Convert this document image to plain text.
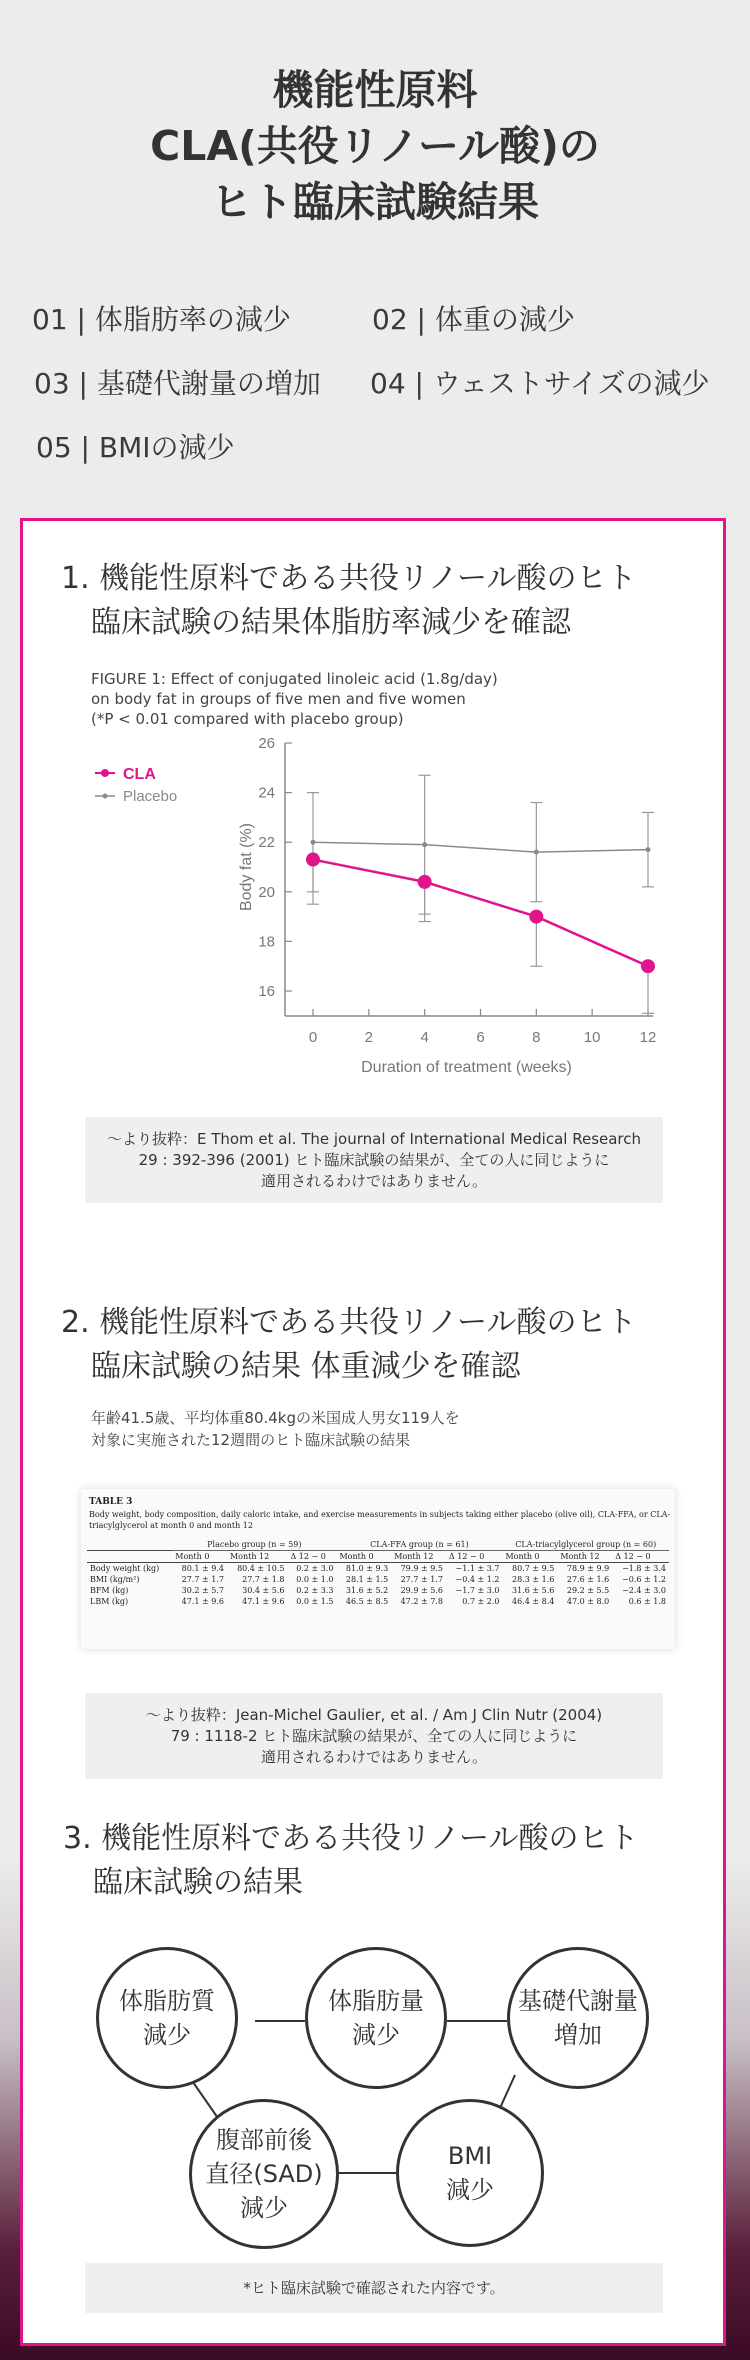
機能性原料
CLA(共役リノール酸)の
ヒト臨床試験結果
01 | 体脂肪率の減少	02 | 体重の減少
03 | 基礎代謝量の増加 04 | ウェストサイズの減少
05 | BMIの減少
1. 機能性原料である共役リノール酸のヒト
臨床試験の結果体脂肪率減少を確認
FIGURE 1: Effect of conjugated linoleic acid (1.8g/day)
on body fat in groups of five men and five women
(*P < 0.01 compared with placebo group)
CLA
Placebo
16
18
20
22
24
26
0	2	4	6	8	10	12
Duration of treatment (weeks)
Body fat (%)
～より抜粋：E Thom et al. The journal of International Medical Research
29 : 392-396 (2001) ヒト臨床試験の結果が、全ての人に同じように
適用されるわけではありません。
2. 機能性原料である共役リノール酸のヒト
臨床試験の結果 体重減少を確認
年齢41.5歳、平均体重80.4kgの米国成人男女119人を
対象に実施された12週間のヒト臨床試験の結果
TABLE 3
Body weight, body composition, daily caloric intake, and exercise measurements in subjects taking either placebo (olive oil), CLA-FFA, or CLA-
triacylglycerol at month 0 and month 12
	Placebo group (n = 59)			CLA-FFA group (n = 61)			CLA-triacylglycerol group (n = 60)		
	Month 0	Month 12	Δ 12 − 0	Month 0	Month 12	Δ 12 − 0	Month 0	Month 12	Δ 12 − 0
Body weight (kg)	80.1 ± 9.4	80.4 ± 10.5	0.2 ± 3.0	81.0 ± 9.3	79.9 ± 9.5	−1.1 ± 3.7	80.7 ± 9.5	78.9 ± 9.9	−1.8 ± 3.4
BMI (kg/m²)	27.7 ± 1.7	27.7 ± 1.8	0.0 ± 1.0	28.1 ± 1.5	27.7 ± 1.7	−0.4 ± 1.2	28.3 ± 1.6	27.6 ± 1.6	−0.6 ± 1.2
BFM (kg)	30.2 ± 5.7	30.4 ± 5.6	0.2 ± 3.3	31.6 ± 5.2	29.9 ± 5.6	−1.7 ± 3.0	31.6 ± 5.6	29.2 ± 5.5	−2.4 ± 3.0
LBM (kg)	47.1 ± 9.6	47.1 ± 9.6	0.0 ± 1.5	46.5 ± 8.5	47.2 ± 7.8	0.7 ± 2.0	46.4 ± 8.4	47.0 ± 8.0	0.6 ± 1.8
～より抜粋：Jean-Michel Gaulier, et al. / Am J Clin Nutr (2004)
79 : 1118-2 ヒト臨床試験の結果が、全ての人に同じように
適用されるわけではありません。
3. 機能性原料である共役リノール酸のヒト
臨床試験の結果
体脂肪質
減少
体脂肪量
減少
基礎代謝量
増加
腹部前後
直径(SAD)
減少
BMI
減少
*ヒト臨床試験で確認された内容です。
